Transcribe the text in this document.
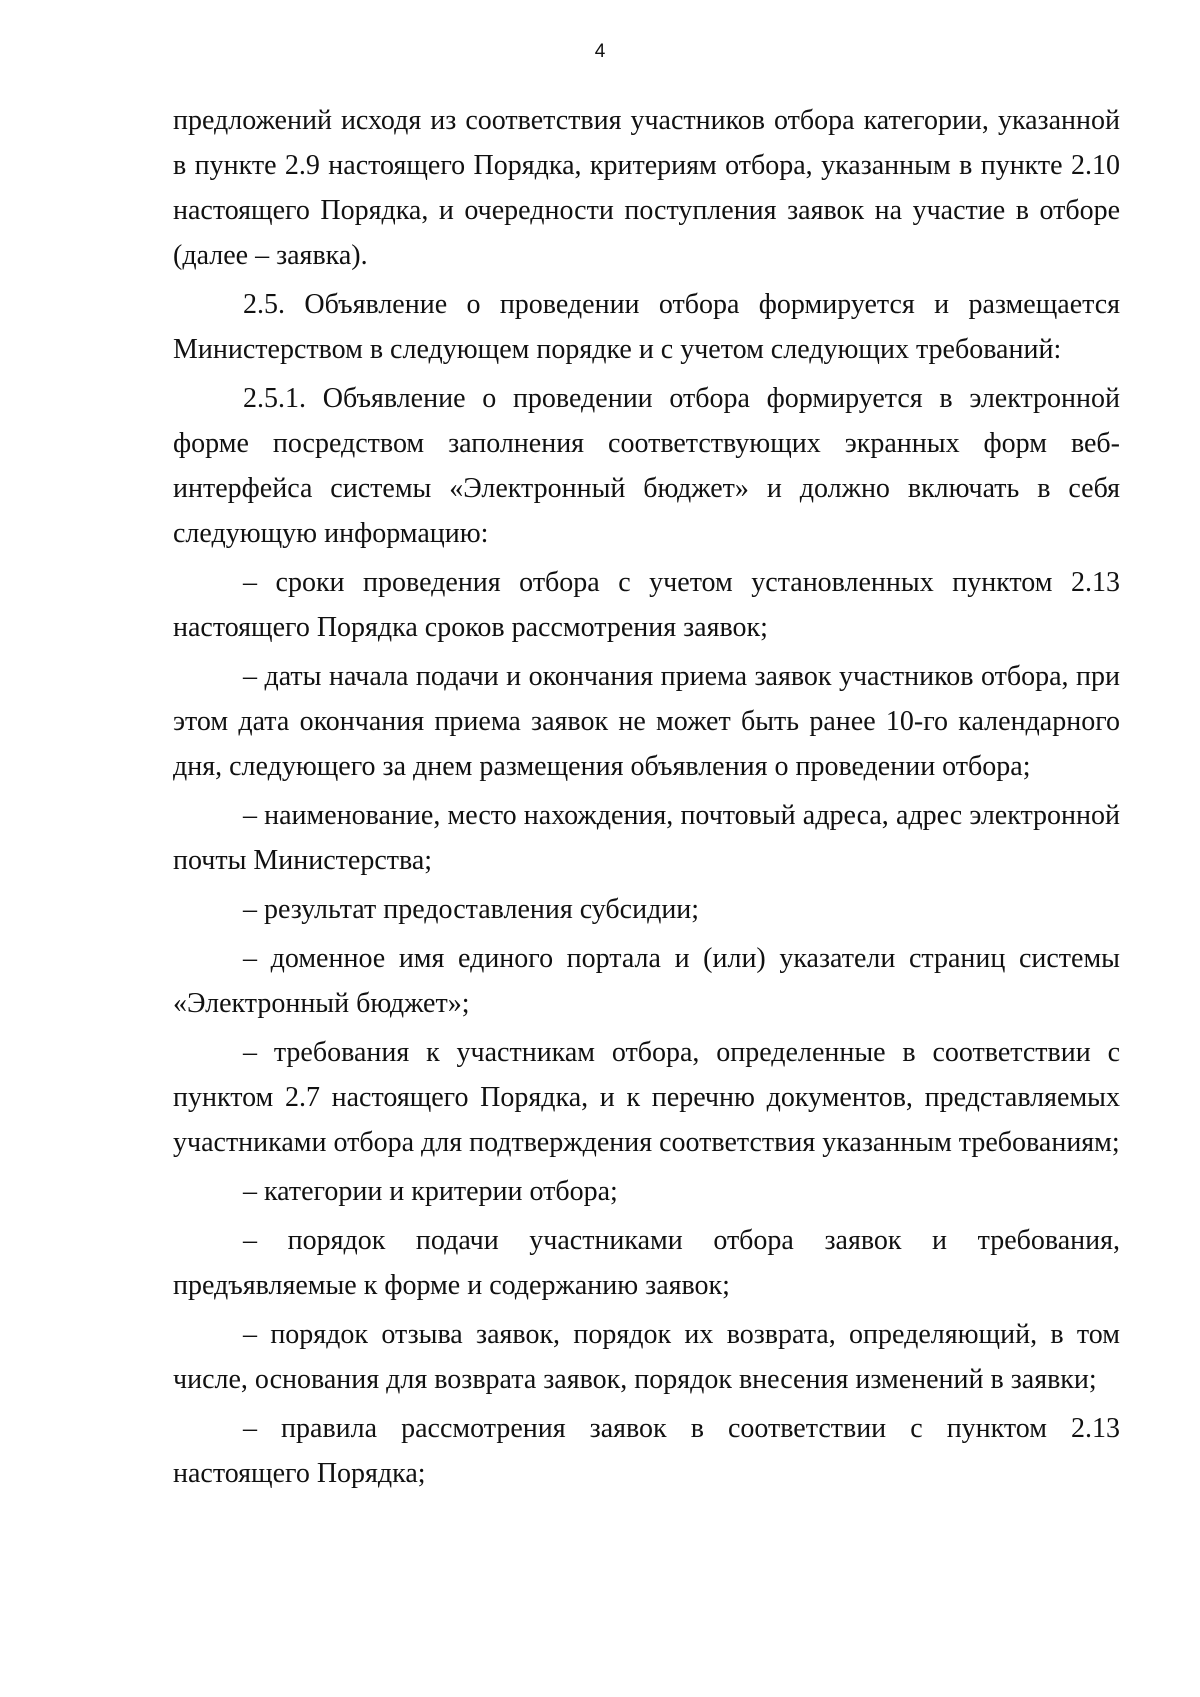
4

предложений исходя из соответствия участников отбора категории, указанной в пункте 2.9 настоящего Порядка, критериям отбора, указанным в пункте 2.10 настоящего Порядка, и очередности поступления заявок на участие в отборе (далее – заявка).

2.5. Объявление о проведении отбора формируется и размещается Министерством в следующем порядке и с учетом следующих требований:

2.5.1. Объявление о проведении отбора формируется в электронной форме посредством заполнения соответствующих экранных форм веб-интерфейса системы «Электронный бюджет» и должно включать в себя следующую информацию:

– сроки проведения отбора с учетом установленных пунктом 2.13 настоящего Порядка сроков рассмотрения заявок;

– даты начала подачи и окончания приема заявок участников отбора, при этом дата окончания приема заявок не может быть ранее 10-го календарного дня, следующего за днем размещения объявления о проведении отбора;

– наименование, место нахождения, почтовый адреса, адрес электронной почты Министерства;

– результат предоставления субсидии;

– доменное имя единого портала и (или) указатели страниц системы «Электронный бюджет»;

– требования к участникам отбора, определенные в соответствии с пунктом 2.7 настоящего Порядка, и к перечню документов, представляемых участниками отбора для подтверждения соответствия указанным требованиям;

– категории и критерии отбора;

– порядок подачи участниками отбора заявок и требования, предъявляемые к форме и содержанию заявок;

– порядок отзыва заявок, порядок их возврата, определяющий, в том числе, основания для возврата заявок, порядок внесения изменений в заявки;

– правила рассмотрения заявок в соответствии с пунктом 2.13 настоящего Порядка;
